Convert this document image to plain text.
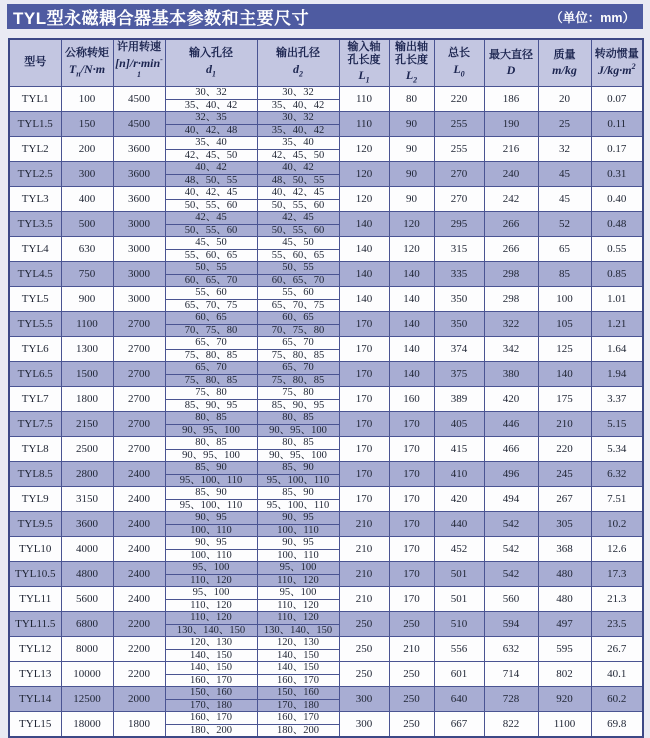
TYL型永磁耦合器基本参数和主要尺寸	（单位：mm）
型号

公称转矩
$T_n/N\cdot m$

许用转速
$[n]/r\cdot\min^{-1}$

输入孔径
$d_1$

输出孔径
$d_2$

输入轴
孔长度
$L_1$

输出轴
孔长度
$L_2$

总长
$L_0$

最大直径
D

质量
m/kg

转动惯量
$J/kg\cdot m^2$

TYL1	100	4500	
30、32
35、40、42

30、32
35、40、42
	110	80	220	186	20	0.07
TYL1.5	150	4500	
32、35
40、42、48

30、32
35、40、42
	110	90	255	190	25	0.11
TYL2	200	3600	
35、40
42、45、50

35、40
42、45、50
	120	90	255	216	32	0.17
TYL2.5	300	3600	
40、42
48、50、55

40、42
48、50、55
	120	90	270	240	45	0.31
TYL3	400	3600	
40、42、45
50、55、60

40、42、45
50、55、60
	120	90	270	242	45	0.40
TYL3.5	500	3000	
42、45
50、55、60

42、45
50、55、60
	140	120	295	266	52	0.48
TYL4	630	3000	
45、50
55、60、65

45、50
55、60、65
	140	120	315	266	65	0.55
TYL4.5	750	3000	
50、55
60、65、70

50、55
60、65、70
	140	140	335	298	85	0.85
TYL5	900	3000	
55、60
65、70、75

55、60
65、70、75
	140	140	350	298	100	1.01
TYL5.5	1100	2700	
60、65
70、75、80

60、65
70、75、80
	170	140	350	322	105	1.21
TYL6	1300	2700	
65、70
75、80、85

65、70
75、80、85
	170	140	374	342	125	1.64
TYL6.5	1500	2700	
65、70
75、80、85

65、70
75、80、85
	170	140	375	380	140	1.94
TYL7	1800	2700	
75、80
85、90、95

75、80
85、90、95
	170	160	389	420	175	3.37
TYL7.5	2150	2700	
80、85
90、95、100

80、85
90、95、100
	170	170	405	446	210	5.15
TYL8	2500	2700	
80、85
90、95、100

80、85
90、95、100
	170	170	415	466	220	5.34
TYL8.5	2800	2400	
85、90
95、100、110

85、90
95、100、110
	170	170	410	496	245	6.32
TYL9	3150	2400	
85、90
95、100、110

85、90
95、100、110
	170	170	420	494	267	7.51
TYL9.5	3600	2400	
90、95
100、110

90、95
100、110
	210	170	440	542	305	10.2
TYL10	4000	2400	
90、95
100、110

90、95
100、110
	210	170	452	542	368	12.6
TYL10.5	4800	2400	
95、100
110、120

95、100
110、120
	210	170	501	542	480	17.3
TYL11	5600	2400	
95、100
110、120

95、100
110、120
	210	170	501	560	480	21.3
TYL11.5	6800	2200	
110、120
130、140、150

110、120
130、140、150
	250	250	510	594	497	23.5
TYL12	8000	2200	
120、130
140、150

120、130
140、150
	250	210	556	632	595	26.7
TYL13	10000	2200	
140、150
160、170

140、150
160、170
	250	250	601	714	802	40.1
TYL14	12500	2000	
150、160
170、180

150、160
170、180
	300	250	640	728	920	60.2
TYL15	18000	1800	
160、170
180、200

160、170
180、200
	300	250	667	822	1100	69.8
